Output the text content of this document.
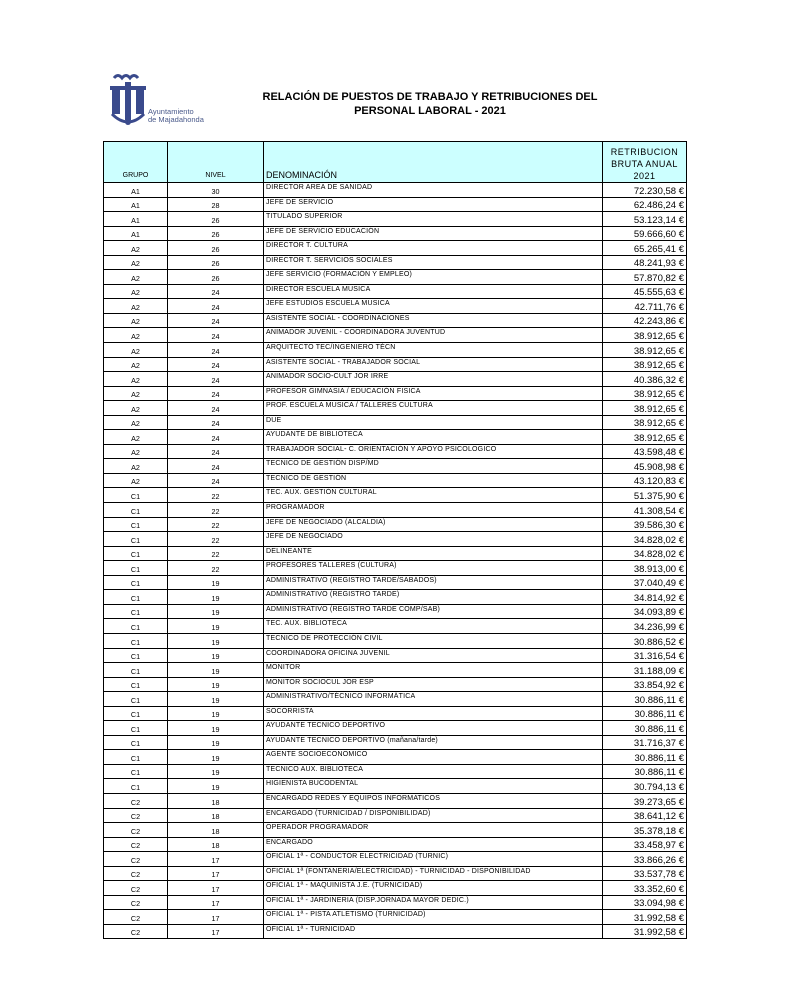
Ayuntamiento
de Majadahonda
RELACIÓN DE PUESTOS DE TRABAJO Y RETRIBUCIONES DEL
PERSONAL LABORAL - 2021
GRUPO	NIVEL	DENOMINACIÓN	RETRIBUCION
BRUTA ANUAL
2021

A1	30	DIRECTOR AREA DE SANIDAD	72.230,58 €
A1	28	JEFE DE SERVICIO	62.486,24 €
A1	26	TITULADO SUPERIOR	53.123,14 €
A1	26	JEFE DE SERVICIO EDUCACIÓN	59.666,60 €
A2	26	DIRECTOR T. CULTURA	65.265,41 €
A2	26	DIRECTOR T. SERVICIOS SOCIALES	48.241,93 €
A2	26	JEFE SERVICIO (FORMACIÓN Y EMPLEO)	57.870,82 €
A2	24	DIRECTOR ESCUELA MUSICA	45.555,63 €
A2	24	JEFE ESTUDIOS ESCUELA MUSICA	42.711,76 €
A2	24	ASISTENTE SOCIAL - COORDINACIONES	42.243,86 €
A2	24	ANIMADOR JUVENIL - COORDINADORA JUVENTUD	38.912,65 €
A2	24	ARQUITECTO TEC/INGENIERO TÉCN	38.912,65 €
A2	24	ASISTENTE SOCIAL - TRABAJADOR SOCIAL	38.912,65 €
A2	24	ANIMADOR SOCIO-CULT JOR IRRE	40.386,32 €
A2	24	PROFESOR GIMNASIA / EDUCACIÓN FISICA	38.912,65 €
A2	24	PROF. ESCUELA MUSICA / TALLERES CULTURA	38.912,65 €
A2	24	DUE	38.912,65 €
A2	24	AYUDANTE DE BIBLIOTECA	38.912,65 €
A2	24	TRABAJADOR SOCIAL- C. ORIENTACIÓN Y APOYO PSICOLOGICO	43.598,48 €
A2	24	TECNICO DE GESTIÓN DISP/MD	45.908,98 €
A2	24	TECNICO DE GESTIÓN	43.120,83 €
C1	22	TEC. AUX. GESTIÓN CULTURAL	51.375,90 €
C1	22	PROGRAMADOR	41.308,54 €
C1	22	JEFE DE NEGOCIADO (ALCALDIA)	39.586,30 €
C1	22	JEFE DE NEGOCIADO	34.828,02 €
C1	22	DELINEANTE	34.828,02 €
C1	22	PROFESORES TALLERES (CULTURA)	38.913,00 €
C1	19	ADMINISTRATIVO (REGISTRO TARDE/SABADOS)	37.040,49 €
C1	19	ADMINISTRATIVO (REGISTRO TARDE)	34.814,92 €
C1	19	ADMINISTRATIVO (REGISTRO TARDE COMP/SAB)	34.093,89 €
C1	19	TEC. AUX. BIBLIOTECA	34.236,99 €
C1	19	TECNICO DE PROTECCIÓN CIVIL	30.886,52 €
C1	19	COORDINADORA OFICINA JUVENIL	31.316,54 €
C1	19	MONITOR	31.188,09 €
C1	19	MONITOR SOCIOCUL JOR ESP	33.854,92 €
C1	19	ADMINISTRATIVO/TÉCNICO INFORMÁTICA	30.886,11 €
C1	19	SOCORRISTA	30.886,11 €
C1	19	AYUDANTE TECNICO DEPORTIVO	30.886,11 €
C1	19	AYUDANTE TECNICO DEPORTIVO (mañana/tarde)	31.716,37 €
C1	19	AGENTE SOCIOECONOMICO	30.886,11 €
C1	19	TECNICO AUX. BIBLIOTECA	30.886,11 €
C1	19	HIGIENISTA BUCODENTAL	30.794,13 €
C2	18	ENCARGADO REDES Y EQUIPOS INFORMATICOS	39.273,65 €
C2	18	ENCARGADO (TURNICIDAD / DISPONIBILIDAD)	38.641,12 €
C2	18	OPERADOR PROGRAMADOR	35.378,18 €
C2	18	ENCARGADO	33.458,97 €
C2	17	OFICIAL 1ª - CONDUCTOR ELECTRICIDAD (TURNIC)	33.866,26 €
C2	17	OFICIAL 1ª (FONTANERIA/ELECTRICIDAD) - TURNICIDAD - DISPONIBILIDAD	33.537,78 €
C2	17	OFICIAL 1ª - MAQUINISTA J.E. (TURNICIDAD)	33.352,60 €
C2	17	OFICIAL 1ª - JARDINERIA (DISP.JORNADA MAYOR DEDIC.)	33.094,98 €
C2	17	OFICIAL 1ª - PISTA ATLETISMO (TURNICIDAD)	31.992,58 €
C2	17	OFICIAL 1ª - TURNICIDAD	31.992,58 €
